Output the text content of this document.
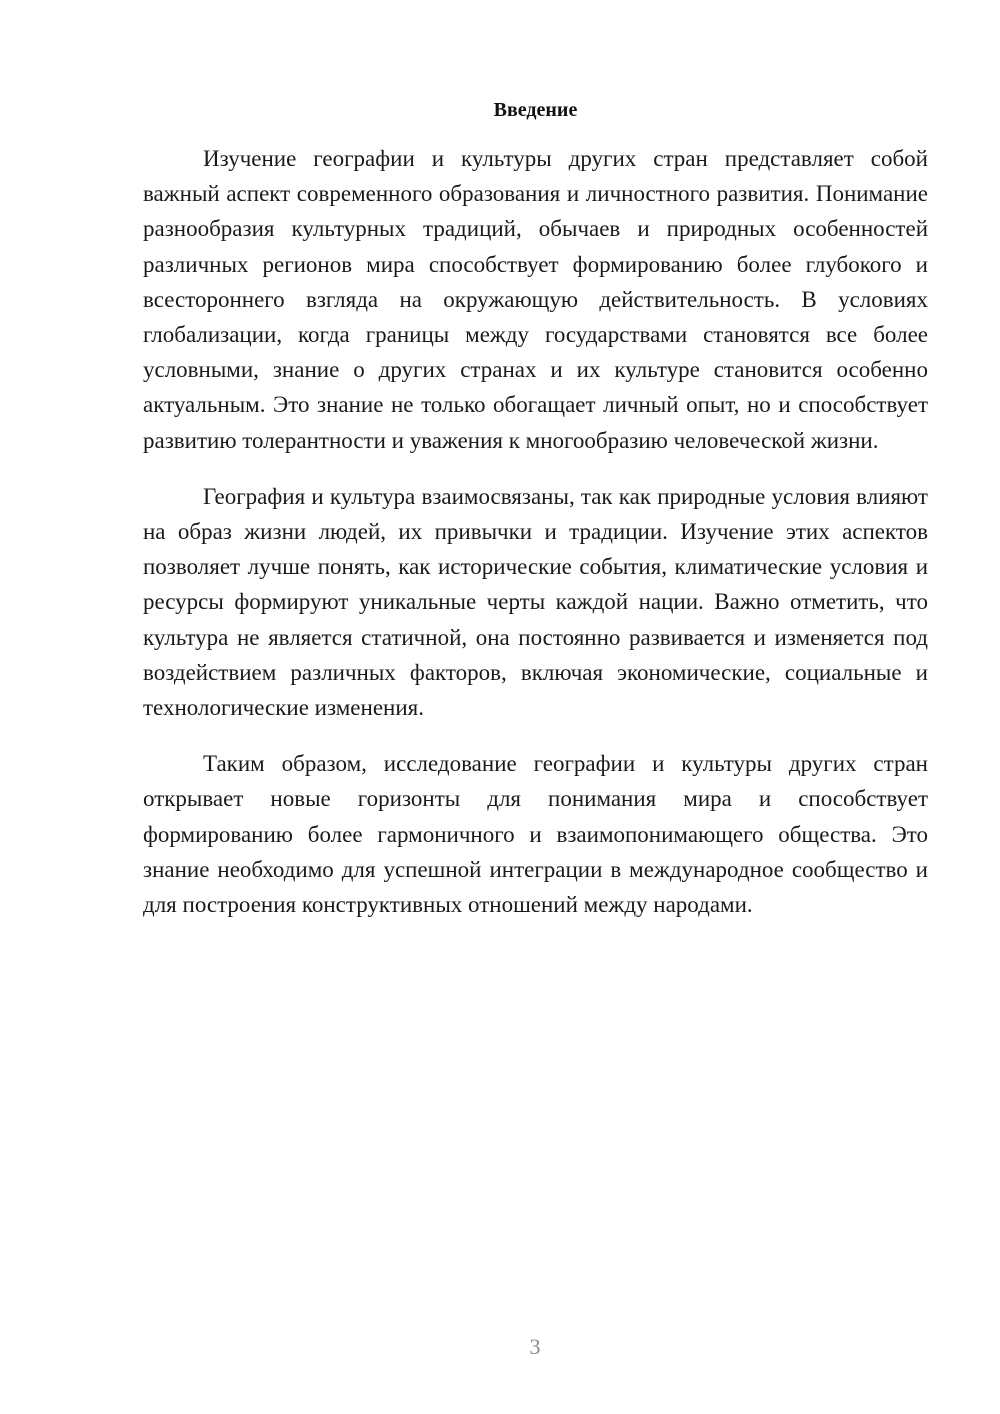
Введение

Изучение географии и культуры других стран представляет собой важный аспект современного образования и личностного развития. Понимание разнообразия культурных традиций, обычаев и природных особенностей различных регионов мира способствует формированию более глубокого и всестороннего взгляда на окружающую действительность. В условиях глобализации, когда границы между государствами становятся все более условными, знание о других странах и их культуре становится особенно актуальным. Это знание не только обогащает личный опыт, но и способствует развитию толерантности и уважения к многообразию человеческой жизни.

География и культура взаимосвязаны, так как природные условия влияют на образ жизни людей, их привычки и традиции. Изучение этих аспектов позволяет лучше понять, как исторические события, климатические условия и ресурсы формируют уникальные черты каждой нации. Важно отметить, что культура не является статичной, она постоянно развивается и изменяется под воздействием различных факторов, включая экономические, социальные и технологические изменения.

Таким образом, исследование географии и культуры других стран открывает новые горизонты для понимания мира и способствует формированию более гармоничного и взаимопонимающего общества. Это знание необходимо для успешной интеграции в международное сообщество и для построения конструктивных отношений между народами.

3
